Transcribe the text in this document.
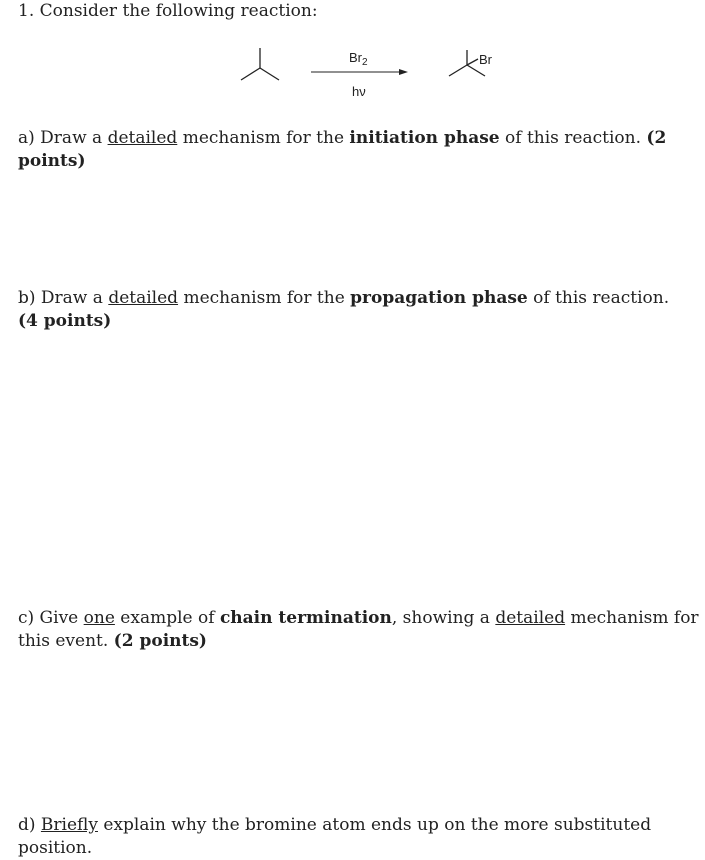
1. Consider the following reaction:

$Br_2$
hν
Br

a) Draw a detailed mechanism for the initiation phase of this reaction. (2 points)

b) Draw a detailed mechanism for the propagation phase of this reaction. (4 points)

c) Give one example of chain termination, showing a detailed mechanism for this event. (2 points)

d) Briefly explain why the bromine atom ends up on the more substituted position.
